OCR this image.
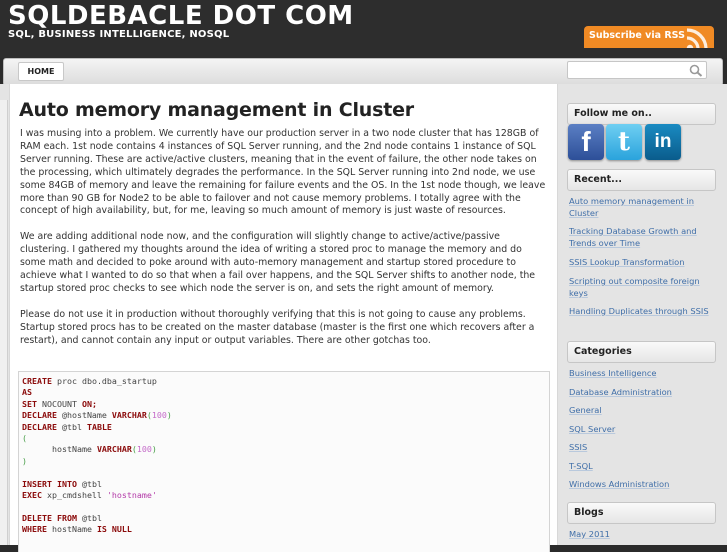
SQLDEBACLE DOT COM
SQL, BUSINESS INTELLIGENCE, NOSQL	Subscribe via RSS
HOME
Auto memory management in Cluster

I was musing into a problem. We currently have our production server in a two node cluster that has 128GB of RAM each. 1st node contains 4 instances of SQL Server running, and the 2nd node contains 1 instance of SQL Server running. These are active/active clusters, meaning that in the event of failure, the other node takes on the processing, which ultimately degrades the performance. In the SQL Server running into 2nd node, we use some 84GB of memory and leave the remaining for failure events and the OS. In the 1st node though, we leave more than 90 GB for Node2 to be able to failover and not cause memory problems. I totally agree with the concept of high availability, but, for me, leaving so much amount of memory is just waste of resources.

We are adding additional node now, and the configuration will slightly change to active/active/passive clustering. I gathered my thoughts around the idea of writing a stored proc to manage the memory and do some math and decided to poke around with auto-memory management and startup stored procedure to achieve what I wanted to do so that when a fail over happens, and the SQL Server shifts to another node, the startup stored proc checks to see which node the server is on, and sets the right amount of memory.

Please do not use it in production without thoroughly verifying that this is not going to cause any problems. Startup stored procs has to be created on the master database (master is the first one which recovers after a restart), and cannot contain any input or output variables. There are other gotchas too.

CREATE proc dbo.dba_startup
AS
SET NOCOUNT ON;
DECLARE @hostName VARCHAR(100)
DECLARE @tbl TABLE
(
hostName VARCHAR(100)
)

INSERT INTO @tbl
EXEC xp_cmdshell 'hostname'

DELETE FROM @tbl
WHERE hostName IS NULL
Follow me on..
f	t	in
Recent...
Auto memory management in Cluster
Tracking Database Growth and Trends over Time
SSIS Lookup Transformation
Scripting out composite foreign keys
Handling Duplicates through SSIS
Categories
Business Intelligence
Database Administration
General
SQL Server
SSIS
T-SQL
Windows Administration
Blogs
May 2011
